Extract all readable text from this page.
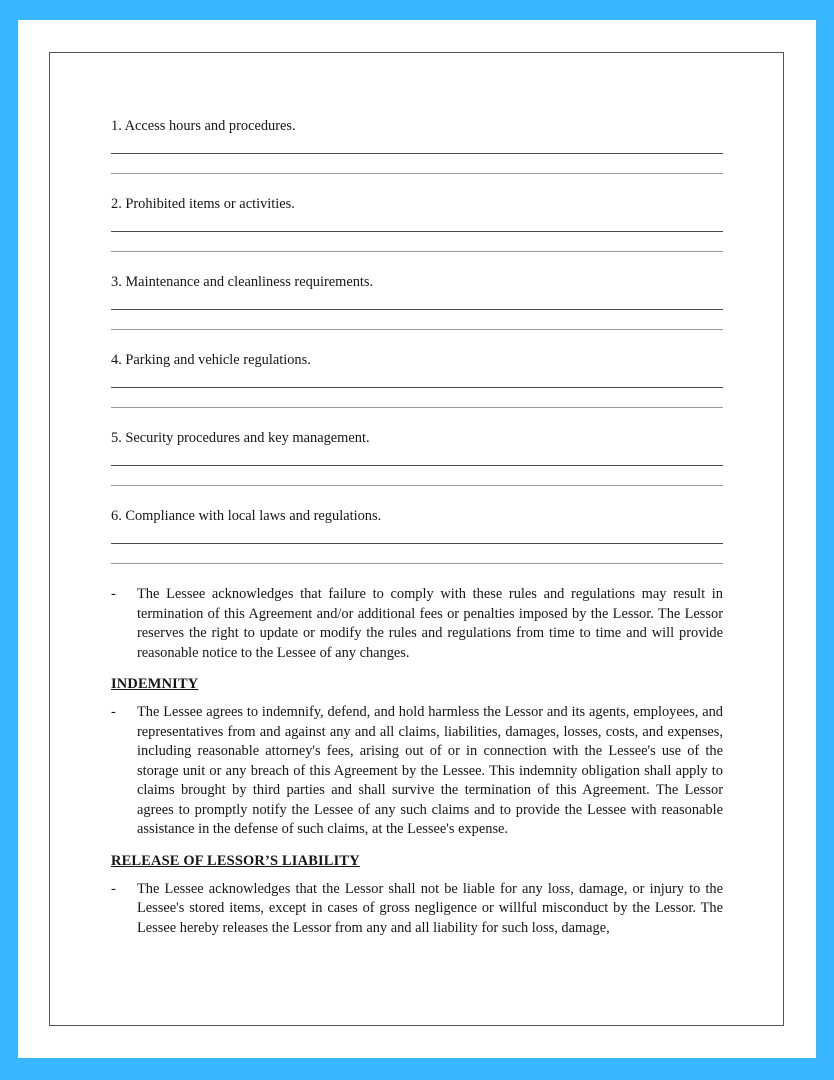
1. Access hours and procedures.
2. Prohibited items or activities.
3. Maintenance and cleanliness requirements.
4. Parking and vehicle regulations.
5. Security procedures and key management.
6. Compliance with local laws and regulations.
-	The Lessee acknowledges that failure to comply with these rules and regulations may result in termination of this Agreement and/or additional fees or penalties imposed by the Lessor. The Lessor reserves the right to update or modify the rules and regulations from time to time and will provide reasonable notice to the Lessee of any changes.
INDEMNITY
-	The Lessee agrees to indemnify, defend, and hold harmless the Lessor and its agents, employees, and representatives from and against any and all claims, liabilities, damages, losses, costs, and expenses, including reasonable attorney's fees, arising out of or in connection with the Lessee's use of the storage unit or any breach of this Agreement by the Lessee. This indemnity obligation shall apply to claims brought by third parties and shall survive the termination of this Agreement. The Lessor agrees to promptly notify the Lessee of any such claims and to provide the Lessee with reasonable assistance in the defense of such claims, at the Lessee's expense.
RELEASE OF LESSOR’S LIABILITY
-	The Lessee acknowledges that the Lessor shall not be liable for any loss, damage, or injury to the Lessee's stored items, except in cases of gross negligence or willful misconduct by the Lessor. The Lessee hereby releases the Lessor from any and all liability for such loss, damage,
